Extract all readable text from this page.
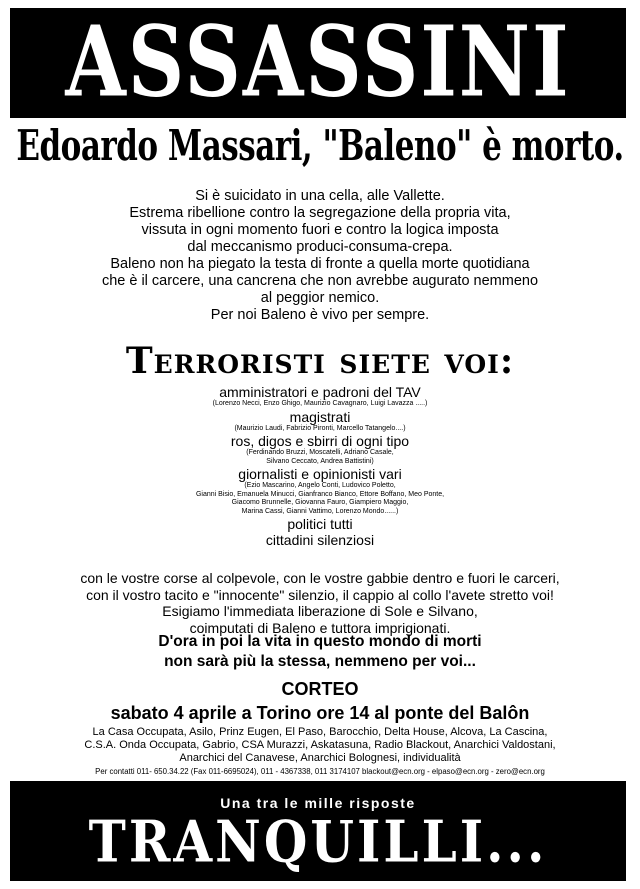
ASSASSINI
Edoardo Massari, "Baleno" è morto.
Si è suicidato in una cella, alle Vallette.
Estrema ribellione contro la segregazione della propria vita,
vissuta in ogni momento fuori e contro la logica imposta
dal meccanismo produci-consuma-crepa.
Baleno non ha piegato la testa di fronte a quella morte quotidiana
che è il carcere, una cancrena che non avrebbe augurato nemmeno
al peggior nemico.
Per noi Baleno è vivo per sempre.
Terroristi siete voi:
amministratori e padroni del TAV
(Lorenzo Necci, Enzo Ghigo, Maurizio Cavagnaro, Luigi Lavazza .....)
magistrati
(Maurizio Laudi, Fabrizio Pironti, Marcello Tatangelo....)
ros, digos e sbirri di ogni tipo
(Ferdinando Bruzzi, Moscatelli, Adriano Casale,
Silvano Ceccato, Andrea Battistini)
giornalisti e opinionisti vari
(Ezio Mascarino, Angelo Conti, Ludovico Poletto,
Gianni Bisio, Emanuela Minucci, Gianfranco Bianco, Ettore Boffano, Meo Ponte,
Giacomo Brunnelle, Giovanna Fauro, Giampiero Maggio,
Marina Cassi, Gianni Vattimo, Lorenzo Mondo......)
politici tutti
cittadini silenziosi
con le vostre corse al colpevole, con le vostre gabbie dentro e fuori le carceri,
con il vostro tacito e "innocente" silenzio, il cappio al collo l'avete stretto voi!
Esigiamo l'immediata liberazione di Sole e Silvano,
coimputati di Baleno e tuttora imprigionati.
D'ora in poi la vita in questo mondo di morti
non sarà più la stessa, nemmeno per voi...
CORTEO
sabato 4 aprile a Torino ore 14 al ponte del Balôn
La Casa Occupata, Asilo, Prinz Eugen, El Paso, Barocchio, Delta House, Alcova, La Cascina,
C.S.A. Onda Occupata, Gabrio, CSA Murazzi, Askatasuna, Radio Blackout, Anarchici Valdostani,
Anarchici del Canavese, Anarchici Bolognesi, individualità
Per contatti 011- 650.34.22 (Fax 011-6695024), 011 - 4367338, 011 3174107 blackout@ecn.org - elpaso@ecn.org - zero@ecn.org
Una tra le mille risposte
TRANQUILLI...
